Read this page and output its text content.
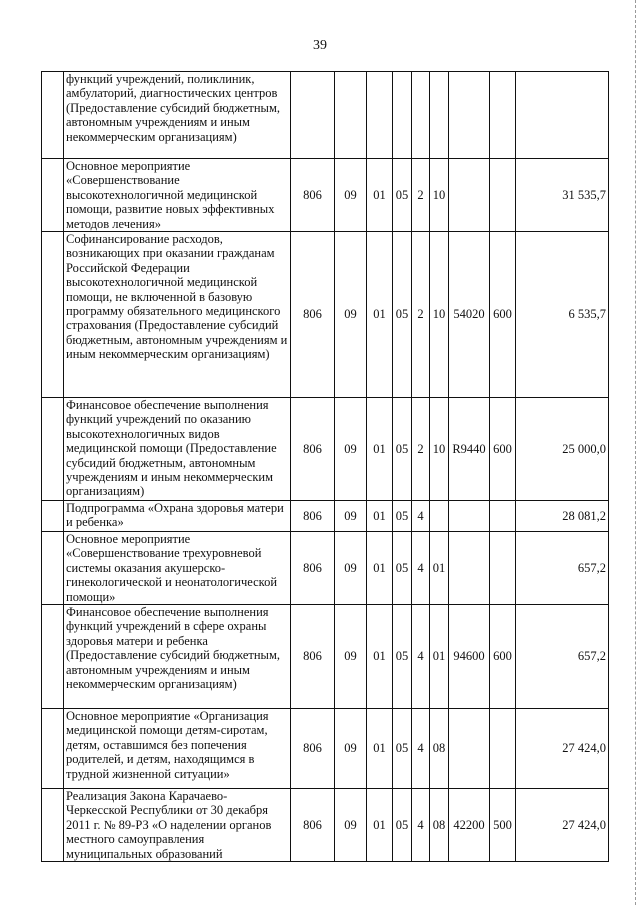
39
	функций учреждений, поликлиник, амбулаторий, диагностических центров (Предоставление субсидий бюджетным, автономным учреждениям и иным некоммерческим организациям)									
	Основное мероприятие «Совершенствование высокотехнологичной медицинской помощи, развитие новых эффективных методов лечения»	806	09	01	05	2	10			31 535,7
	Софинансирование расходов, возникающих при оказании гражданам Российской Федерации высокотехнологичной медицинской помощи, не включенной в базовую программу обязательного медицинского страхования (Предоставление субсидий бюджетным, автономным учреждениям и иным некоммерческим организациям)	806	09	01	05	2	10	54020	600	6 535,7
	Финансовое обеспечение выполнения функций учреждений по оказанию высокотехнологичных видов медицинской помощи (Предоставление субсидий бюджетным, автономным учреждениям и иным некоммерческим организациям)	806	09	01	05	2	10	R9440	600	25 000,0
	Подпрограмма «Охрана здоровья матери и ребенка»	806	09	01	05	4				28 081,2
	Основное мероприятие «Совершенствование трехуровневой системы оказания акушерско-гинекологической и неонатологической помощи»	806	09	01	05	4	01			657,2
	Финансовое обеспечение выполнения функций учреждений в сфере охраны здоровья матери и ребенка (Предоставление субсидий бюджетным, автономным учреждениям и иным некоммерческим организациям)	806	09	01	05	4	01	94600	600	657,2
	Основное мероприятие «Организация медицинской помощи детям-сиротам, детям, оставшимся без попечения родителей, и детям, находящимся в трудной жизненной ситуации»	806	09	01	05	4	08			27 424,0
	Реализация Закона Карачаево-Черкесской Республики от 30 декабря 2011 г. № 89-РЗ «О наделении органов местного самоуправления муниципальных образований	806	09	01	05	4	08	42200	500	27 424,0
